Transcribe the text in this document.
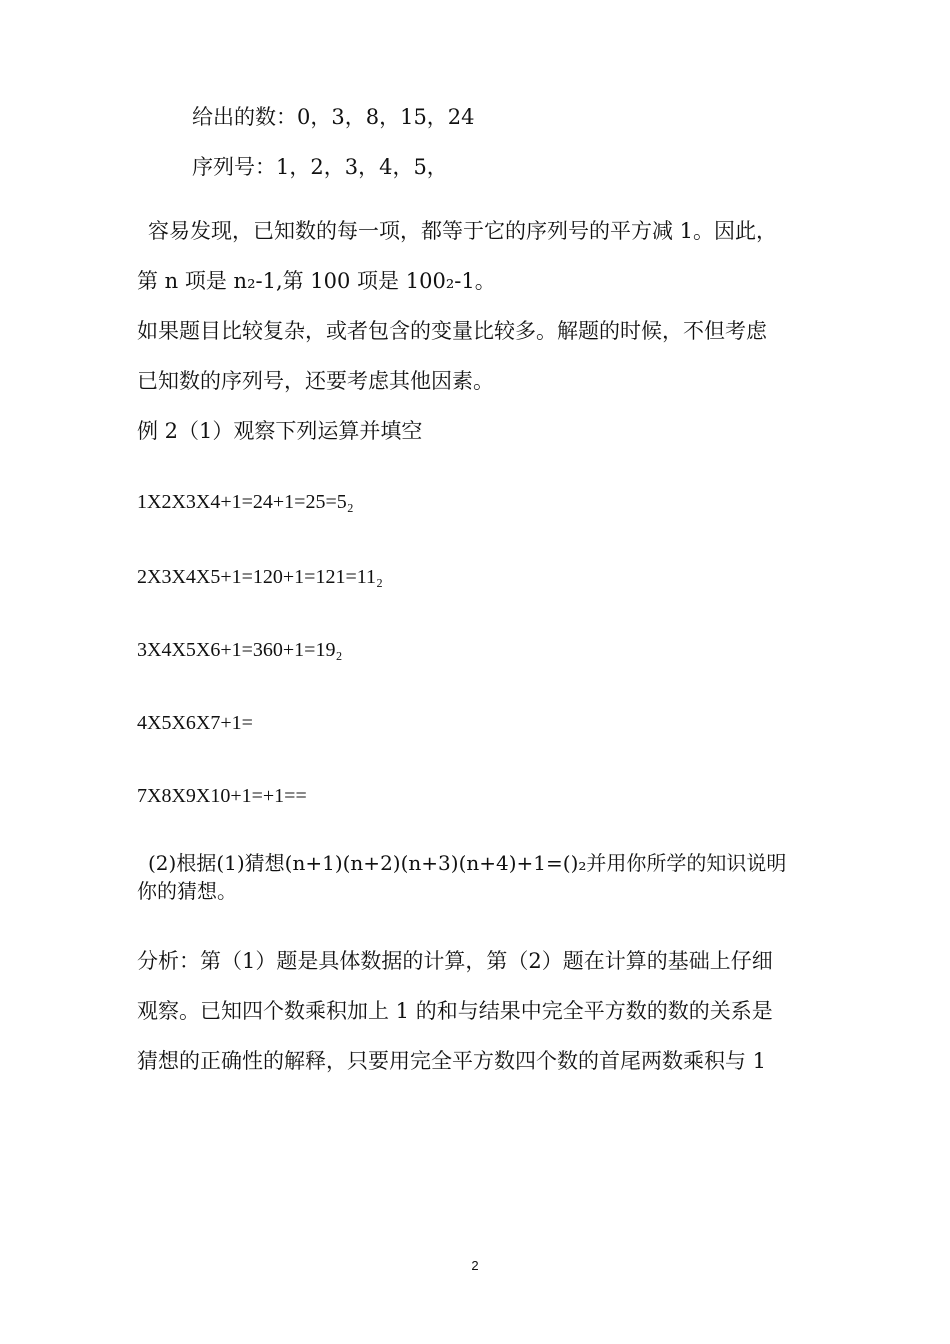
给出的数：0，3，8，15，24
序列号：1，2，3，4，5，
容易发现，已知数的每一项，都等于它的序列号的平方减 1。因此，
第 n 项是 n₂-1,第 100 项是 100₂-1。
如果题目比较复杂，或者包含的变量比较多。解题的时候，不但考虑
已知数的序列号，还要考虑其他因素。
例 2（1）观察下列运算并填空
1X2X3X4+1=24+1=25=5₂
2X3X4X5+1=120+1=121=11₂
3X4X5X6+1=360+1=19₂
4X5X6X7+1=
7X8X9X10+1=+1==
(2)根据(1)猜想(n+1)(n+2)(n+3)(n+4)+1=()₂并用你所学的知识说明
你的猜想。
分析：第（1）题是具体数据的计算，第（2）题在计算的基础上仔细
观察。已知四个数乘积加上 1 的和与结果中完全平方数的数的关系是
猜想的正确性的解释，只要用完全平方数四个数的首尾两数乘积与 1
2
